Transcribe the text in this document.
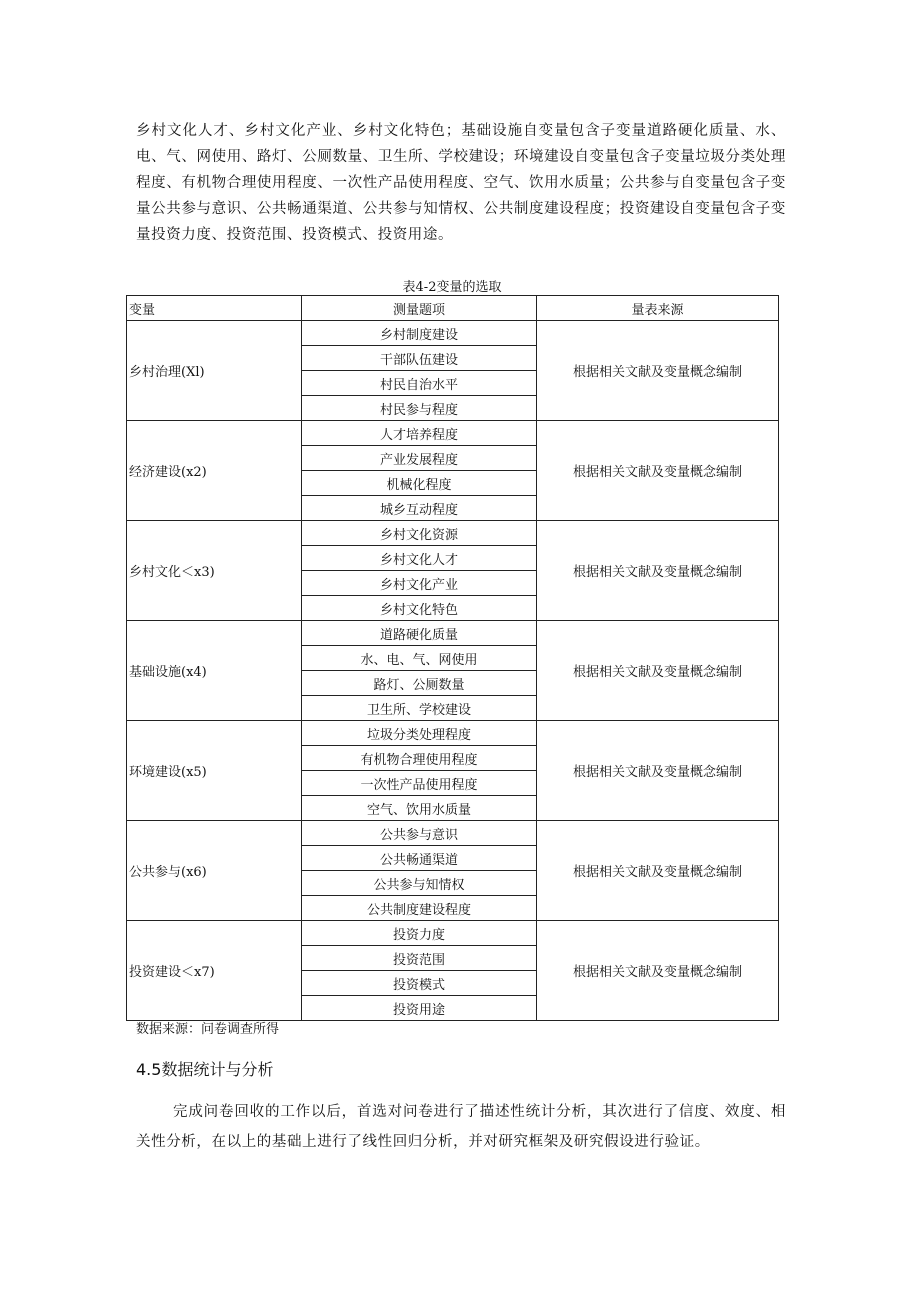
乡村文化人才、乡村文化产业、乡村文化特色；基础设施自变量包含子变量道路硬化质量、水、电、气、网使用、路灯、公厕数量、卫生所、学校建设；环境建设自变量包含子变量垃圾分类处理程度、有机物合理使用程度、一次性产品使用程度、空气、饮用水质量；公共参与自变量包含子变量公共参与意识、公共畅通渠道、公共参与知情权、公共制度建设程度；投资建设自变量包含子变量投资力度、投资范围、投资模式、投资用途。

表4-2变量的选取
变量	测量题项	量表来源
乡村治理(Xl)	乡村制度建设	根据相关文献及变量概念编制
	干部队伍建设	
	村民自治水平	
	村民参与程度	
经济建设(x2)	人才培养程度	根据相关文献及变量概念编制
	产业发展程度	
	机械化程度	
	城乡互动程度	
乡村文化＜x3)	乡村文化资源	根据相关文献及变量概念编制
	乡村文化人才	
	乡村文化产业	
	乡村文化特色	
基础设施(x4)	道路硬化质量	根据相关文献及变量概念编制
	水、电、气、网使用	
	路灯、公厕数量	
	卫生所、学校建设	
环境建设(x5)	垃圾分类处理程度	根据相关文献及变量概念编制
	有机物合理使用程度	
	一次性产品使用程度	
	空气、饮用水质量	
公共参与(x6)	公共参与意识	根据相关文献及变量概念编制
	公共畅通渠道	
	公共参与知情权	
	公共制度建设程度	
投资建设＜x7)	投资力度	根据相关文献及变量概念编制
	投资范围	
	投资模式	
	投资用途	
数据来源：问卷调查所得
4.5数据统计与分析

完成问卷回收的工作以后，首选对问卷进行了描述性统计分析，其次进行了信度、效度、相关性分析，在以上的基础上进行了线性回归分析，并对研究框架及研究假设进行验证。
